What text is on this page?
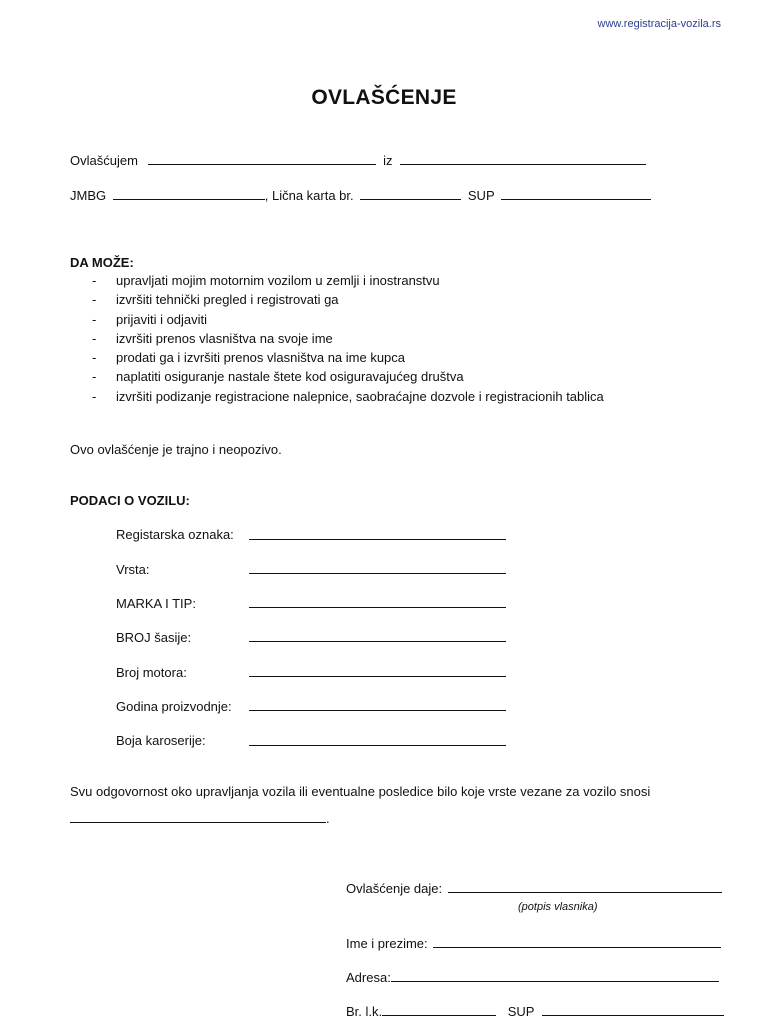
www.registracija-vozila.rs
OVLAŠĆENJE
Ovlašćujem	iz
JMBG	, Lična karta br.	SUP
DA MOŽE:
- upravljati mojim motornim vozilom u zemlji i inostranstvu
- izvršiti tehnički pregled i registrovati ga
- prijaviti i odjaviti
- izvršiti prenos vlasništva na svoje ime
- prodati ga i izvršiti prenos vlasništva na ime kupca
- naplatiti osiguranje nastale štete kod osiguravajućeg društva
- izvršiti podizanje registracione nalepnice, saobraćajne dozvole i registracionih tablica
Ovo ovlašćenje je trajno i neopozivo.
PODACI O VOZILU:
Registarska oznaka:
Vrsta:
MARKA I TIP:
BROJ šasije:
Broj motora:
Godina proizvodnje:
Boja karoserije:
Svu odgovornost oko upravljanja vozila ili eventualne posledice bilo koje vrste vezane za vozilo snosi
.
Ovlašćenje daje:
(potpis vlasnika)
Ime i prezime:
Adresa:
Br. l.k.	SUP
